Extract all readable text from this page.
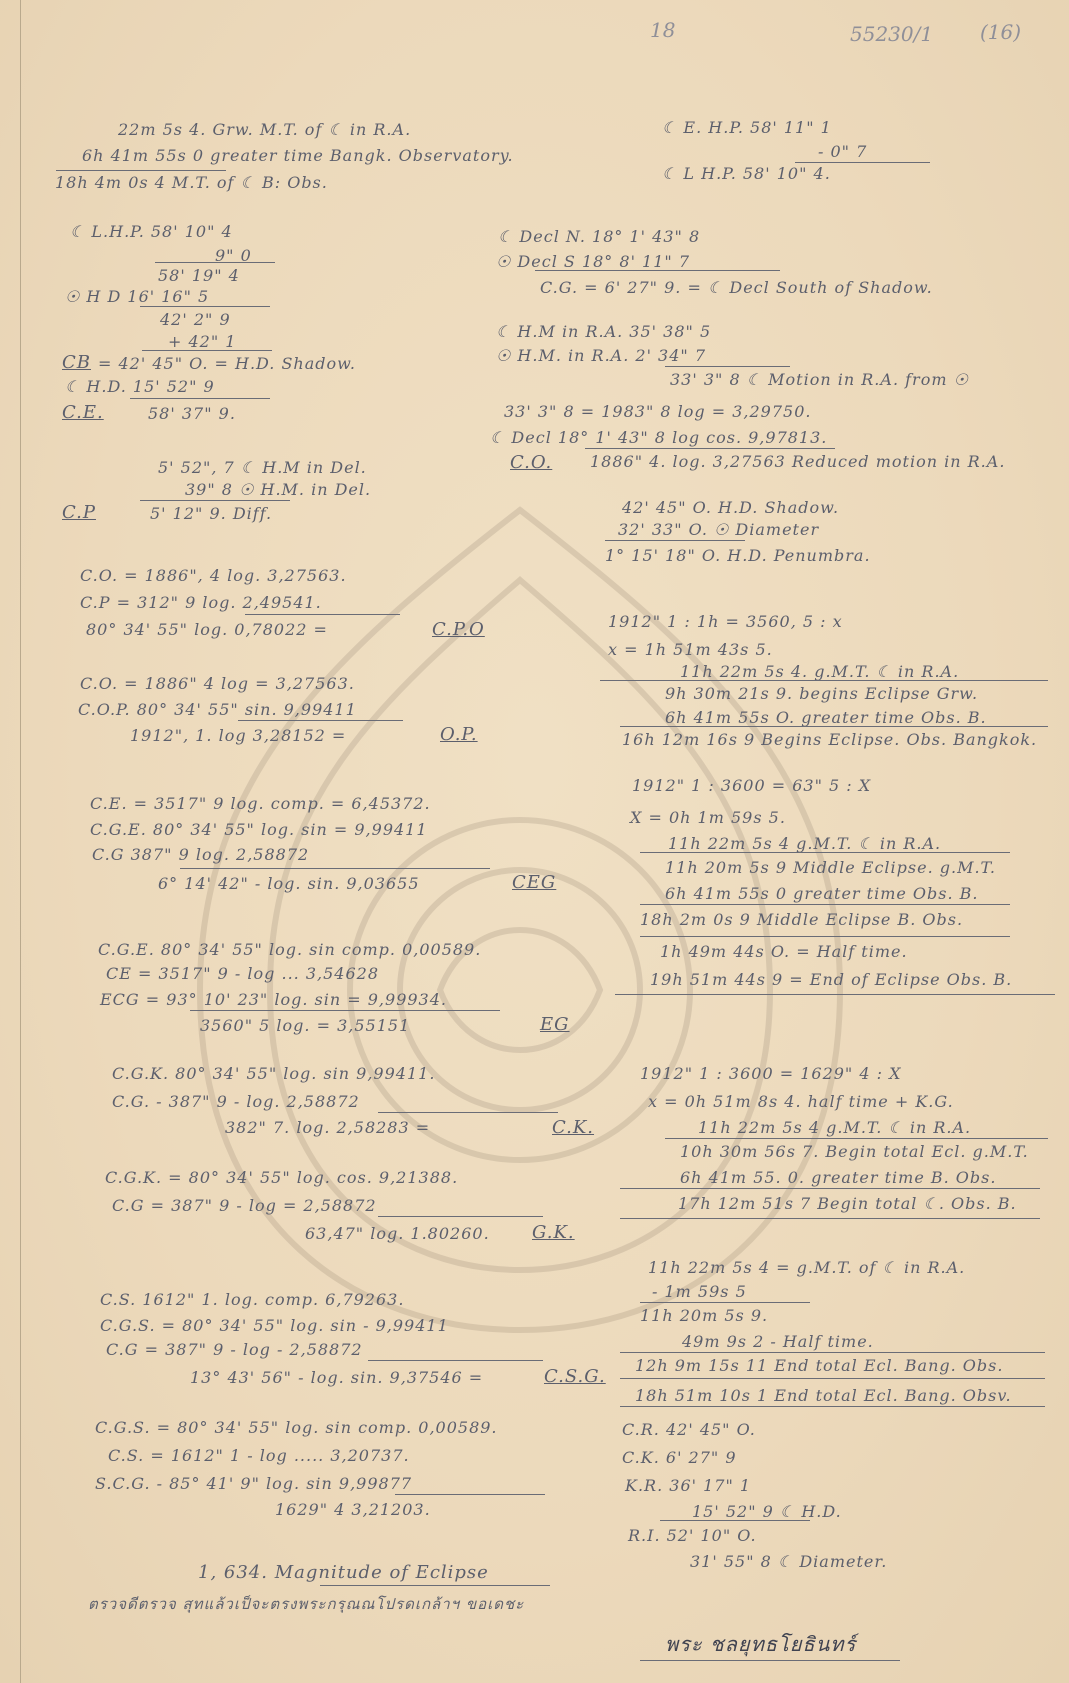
18	55230/1 (16)
22m 5s 4. Grw. M.T. of ☾ in R.A.
6h 41m 55s 0 greater time Bangk. Observatory.
18h 4m 0s 4 M.T. of ☾ B: Obs.
☾ L.H.P. 58' 10" 4
9" 0
58' 19" 4
☉ H D 16' 16" 5
42' 2" 9
+ 42" 1
CB = 42' 45" O. = H.D. Shadow.
☾ H.D. 15' 52" 9
C.E.	58' 37" 9.
5' 52", 7 ☾ H.M in Del.
39" 8 ☉ H.M. in Del.
C.P	5' 12" 9. Diff.
C.O. = 1886", 4 log. 3,27563.
C.P = 312" 9 log. 2,49541.
80° 34' 55" log. 0,78022 =	C.P.O
C.O. = 1886" 4 log = 3,27563.
C.O.P. 80° 34' 55" sin. 9,99411
1912", 1. log 3,28152 =	O.P.
C.E. = 3517" 9 log. comp. = 6,45372.
C.G.E. 80° 34' 55" log. sin = 9,99411
C.G 387" 9 log. 2,58872
6° 14' 42" - log. sin. 9,03655	CEG
C.G.E. 80° 34' 55" log. sin comp. 0,00589.
CE = 3517" 9 - log ... 3,54628
ECG = 93° 10' 23" log. sin = 9,99934.
3560" 5 log. = 3,55151	EG
C.G.K. 80° 34' 55" log. sin 9,99411.
C.G. - 387" 9 - log. 2,58872
382" 7. log. 2,58283 =	C.K.
C.G.K. = 80° 34' 55" log. cos. 9,21388.
C.G = 387" 9 - log = 2,58872
63,47" log. 1.80260. G.K.
C.S. 1612" 1. log. comp. 6,79263.
C.G.S. = 80° 34' 55" log. sin - 9,99411
C.G = 387" 9 - log - 2,58872
13° 43' 56" - log. sin. 9,37546 =	C.S.G.
C.G.S. = 80° 34' 55" log. sin comp. 0,00589.
C.S. = 1612" 1 - log ..... 3,20737.
S.C.G. - 85° 41' 9" log. sin 9,99877
1629" 4 3,21203.
1, 634. Magnitude of Eclipse
ตรวจดีตรวจ สุทแล้วเป็จะตรงพระกรุณณโปรดเกล้าฯ ขอเดชะ
☾ E. H.P. 58' 11" 1
- 0" 7
☾ L H.P. 58' 10" 4.
☾ Decl N. 18° 1' 43" 8
☉ Decl S 18° 8' 11" 7
C.G. = 6' 27" 9. = ☾ Decl South of Shadow.
☾ H.M in R.A. 35' 38" 5
☉ H.M. in R.A. 2' 34" 7
33' 3" 8 ☾ Motion in R.A. from ☉
33' 3" 8 = 1983" 8 log = 3,29750.
☾ Decl 18° 1' 43" 8 log cos. 9,97813.
C.O. 1886" 4. log. 3,27563 Reduced motion in R.A.
42' 45" O. H.D. Shadow.
32' 33" O. ☉ Diameter
1° 15' 18" O. H.D. Penumbra.
1912" 1 : 1h = 3560, 5 : x
x = 1h 51m 43s 5.
11h 22m 5s 4. g.M.T. ☾ in R.A.
9h 30m 21s 9. begins Eclipse Grw.
6h 41m 55s O. greater time Obs. B.
16h 12m 16s 9 Begins Eclipse. Obs. Bangkok.
1912" 1 : 3600 = 63" 5 : X
X = 0h 1m 59s 5.
11h 22m 5s 4 g.M.T. ☾ in R.A.
11h 20m 5s 9 Middle Eclipse. g.M.T.
6h 41m 55s 0 greater time Obs. B.
18h 2m 0s 9 Middle Eclipse B. Obs.
1h 49m 44s O. = Half time.
19h 51m 44s 9 = End of Eclipse Obs. B.
1912" 1 : 3600 = 1629" 4 : X
x = 0h 51m 8s 4. half time + K.G.
11h 22m 5s 4 g.M.T. ☾ in R.A.
10h 30m 56s 7. Begin total Ecl. g.M.T.
6h 41m 55. 0. greater time B. Obs.
17h 12m 51s 7 Begin total ☾. Obs. B.
11h 22m 5s 4 = g.M.T. of ☾ in R.A.
- 1m 59s 5
11h 20m 5s 9.
49m 9s 2 - Half time.
12h 9m 15s 11 End total Ecl. Bang. Obs.
18h 51m 10s 1 End total Ecl. Bang. Obsv.
C.R. 42' 45" O.
C.K. 6' 27" 9
K.R. 36' 17" 1
15' 52" 9 ☾ H.D.
R.I. 52' 10" O.
31' 55" 8 ☾ Diameter.
พระ ชลยุทธโยธินทร์
